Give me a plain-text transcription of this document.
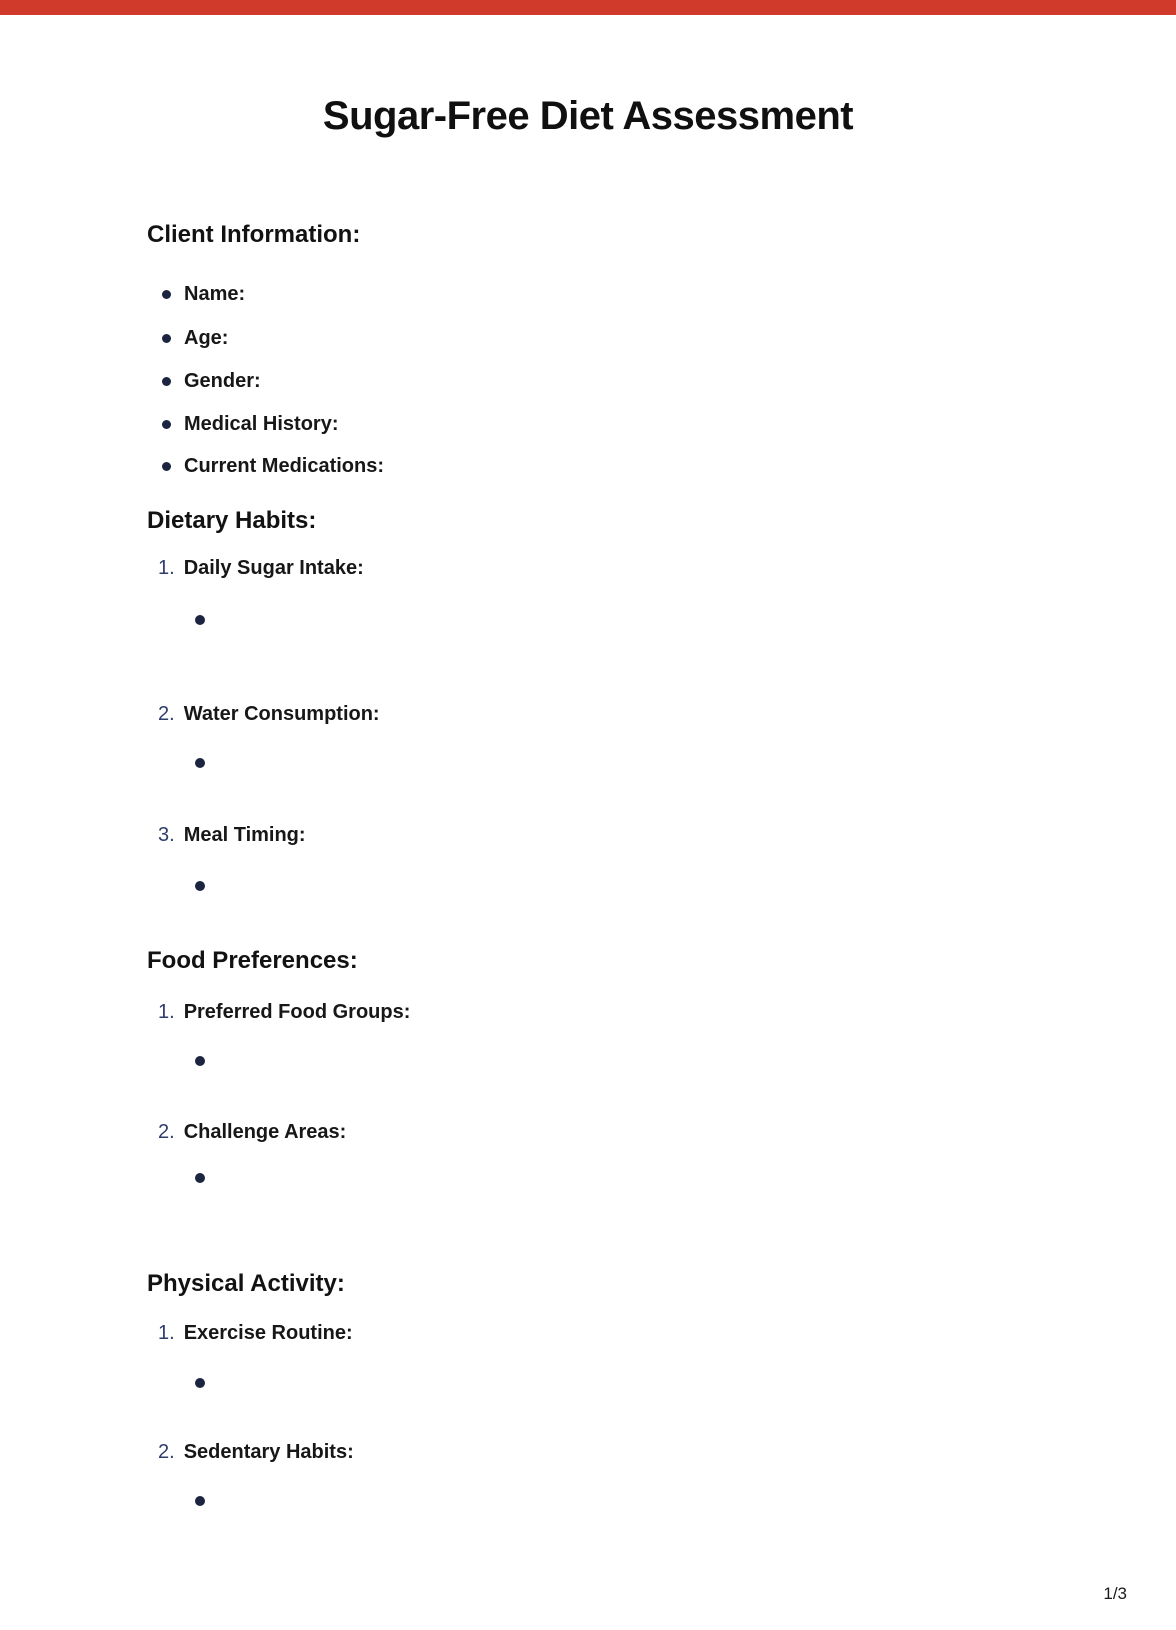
Sugar-Free Diet Assessment
Client Information:
Name:
Age:
Gender:
Medical History:
Current Medications:
Dietary Habits:
1. Daily Sugar Intake:
2. Water Consumption:
3. Meal Timing:
Food Preferences:
1. Preferred Food Groups:
2. Challenge Areas:
Physical Activity:
1. Exercise Routine:
2. Sedentary Habits:
1/3
